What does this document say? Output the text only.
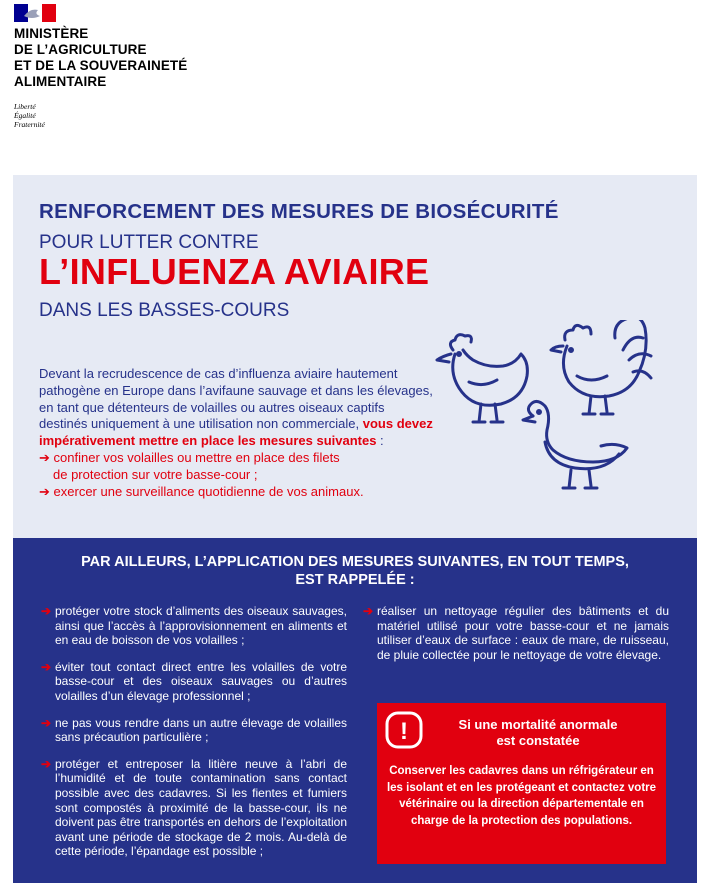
MINISTÈRE
DE L’AGRICULTURE
ET DE LA SOUVERAINETÉ
ALIMENTAIRE
Liberté
Égalité
Fraternité
RENFORCEMENT DES MESURES DE BIOSÉCURITÉ
POUR LUTTER CONTRE
L’INFLUENZA AVIAIRE
DANS LES BASSES-COURS
Devant la recrudescence de cas d’influenza aviaire hautement pathogène en Europe dans l’avifaune sauvage et dans les élevages, en tant que détenteurs de volailles ou autres oiseaux captifs destinés uniquement à une utilisation non commerciale, vous devez impérativement mettre en place les mesures suivantes :
➔ confiner vos volailles ou mettre en place des filets
de protection sur votre basse-cour ;
➔ exercer une surveillance quotidienne de vos animaux.
PAR AILLEURS, L’APPLICATION DES MESURES SUIVANTES, EN TOUT TEMPS,
EST RAPPELÉE :
➔ protéger votre stock d’aliments des oiseaux sauvages, ainsi que l’accès à l’approvisionnement en aliments et en eau de boisson de vos volailles ;
➔ éviter tout contact direct entre les volailles de votre basse-cour et des oiseaux sauvages ou d’autres volailles d’un élevage professionnel ;
➔ ne pas vous rendre dans un autre élevage de volailles sans précaution particulière ;
➔ protéger et entreposer la litière neuve à l’abri de l’humidité et de toute contamination sans contact possible avec des cadavres. Si les fientes et fumiers sont compostés à proximité de la basse-cour, ils ne doivent pas être transportés en dehors de l’exploitation avant une période de stockage de 2 mois. Au-delà de cette période, l’épandage est possible ;
➔ réaliser un nettoyage régulier des bâtiments et du matériel utilisé pour votre basse-cour et ne jamais utiliser d’eaux de surface : eaux de mare, de ruisseau, de pluie collectée pour le nettoyage de votre élevage.
!	Si une mortalité anormale
est constatée
Conserver les cadavres dans un réfrigérateur en les isolant et en les protégeant et contactez votre vétérinaire ou la direction départementale en charge de la protection des populations.
